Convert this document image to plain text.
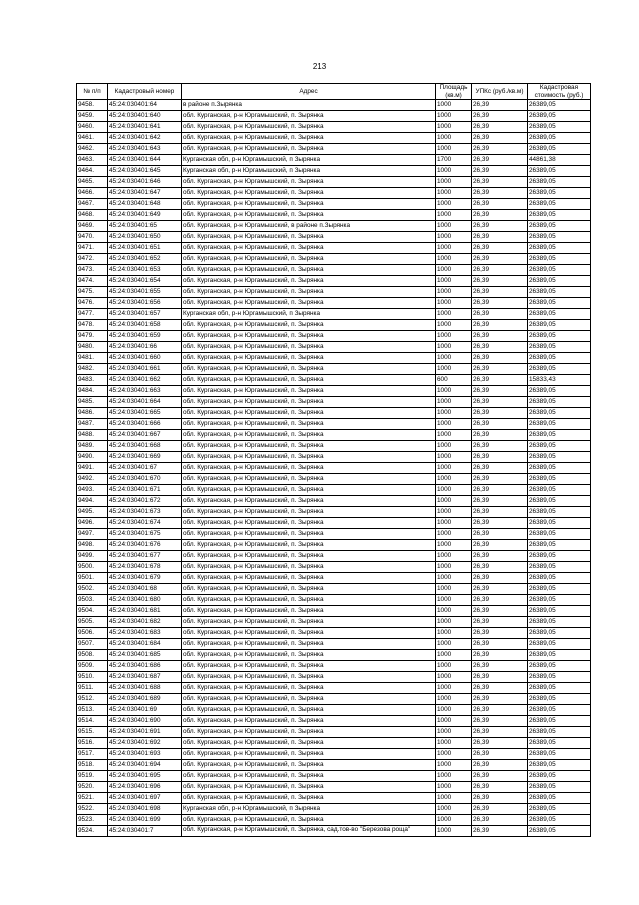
213
№ п/п	Кадастровый номер	Адрес	Площадь (кв.м)	УПКс (руб./кв.м)	Кадастровая стоимость (руб.)
9458.	45:24:030401:64	в районе п.Зырянка	1000	26,39	26389,05
9459.	45:24:030401:640	обл. Курганская, р-н Юргамышский, п. Зырянка	1000	26,39	26389,05
9460.	45:24:030401:641	обл. Курганская, р-н Юргамышский, п. Зырянка	1000	26,39	26389,05
9461.	45:24:030401:642	обл. Курганская, р-н Юргамышский, п. Зырянка	1000	26,39	26389,05
9462.	45:24:030401:643	обл. Курганская, р-н Юргамышский, п. Зырянка	1000	26,39	26389,05
9463.	45:24:030401:644	Курганская обл, р-н Юргамышский, п Зырянка	1700	26,39	44861,38
9464.	45:24:030401:645	Курганская обл, р-н Юргамышский, п Зырянка	1000	26,39	26389,05
9465.	45:24:030401:646	обл. Курганская, р-н Юргамышский, п. Зырянка	1000	26,39	26389,05
9466.	45:24:030401:647	обл. Курганская, р-н Юргамышский, п. Зырянка	1000	26,39	26389,05
9467.	45:24:030401:648	обл. Курганская, р-н Юргамышский, п. Зырянка	1000	26,39	26389,05
9468.	45:24:030401:649	обл. Курганская, р-н Юргамышский, п. Зырянка	1000	26,39	26389,05
9469.	45:24:030401:65	обл. Курганская, р-н Юргамышский, в районе п.Зырянка	1000	26,39	26389,05
9470.	45:24:030401:650	обл. Курганская, р-н Юргамышский, п. Зырянка	1000	26,39	26389,05
9471.	45:24:030401:651	обл. Курганская, р-н Юргамышский, п. Зырянка	1000	26,39	26389,05
9472.	45:24:030401:652	обл. Курганская, р-н Юргамышский, п. Зырянка	1000	26,39	26389,05
9473.	45:24:030401:653	обл. Курганская, р-н Юргамышский, п. Зырянка	1000	26,39	26389,05
9474.	45:24:030401:654	обл. Курганская, р-н Юргамышский, п. Зырянка	1000	26,39	26389,05
9475.	45:24:030401:655	обл. Курганская, р-н Юргамышский, п. Зырянка	1000	26,39	26389,05
9476.	45:24:030401:656	обл. Курганская, р-н Юргамышский, п. Зырянка	1000	26,39	26389,05
9477.	45:24:030401:657	Курганская обл, р-н Юргамышский, п Зырянка	1000	26,39	26389,05
9478.	45:24:030401:658	обл. Курганская, р-н Юргамышский, п. Зырянка	1000	26,39	26389,05
9479.	45:24:030401:659	обл. Курганская, р-н Юргамышский, п. Зырянка	1000	26,39	26389,05
9480.	45:24:030401:66	обл. Курганская, р-н Юргамышский, п. Зырянка	1000	26,39	26389,05
9481.	45:24:030401:660	обл. Курганская, р-н Юргамышский, п. Зырянка	1000	26,39	26389,05
9482.	45:24:030401:661	обл. Курганская, р-н Юргамышский, п. Зырянка	1000	26,39	26389,05
9483.	45:24:030401:662	обл. Курганская, р-н Юргамышский, п. Зырянка	600	26,39	15833,43
9484.	45:24:030401:663	обл. Курганская, р-н Юргамышский, п. Зырянка	1000	26,39	26389,05
9485.	45:24:030401:664	обл. Курганская, р-н Юргамышский, п. Зырянка	1000	26,39	26389,05
9486.	45:24:030401:665	обл. Курганская, р-н Юргамышский, п. Зырянка	1000	26,39	26389,05
9487.	45:24:030401:666	обл. Курганская, р-н Юргамышский, п. Зырянка	1000	26,39	26389,05
9488.	45:24:030401:667	обл. Курганская, р-н Юргамышский, п. Зырянка	1000	26,39	26389,05
9489.	45:24:030401:668	обл. Курганская, р-н Юргамышский, п. Зырянка	1000	26,39	26389,05
9490.	45:24:030401:669	обл. Курганская, р-н Юргамышский, п. Зырянка	1000	26,39	26389,05
9491.	45:24:030401:67	обл. Курганская, р-н Юргамышский, п. Зырянка	1000	26,39	26389,05
9492.	45:24:030401:670	обл. Курганская, р-н Юргамышский, п. Зырянка	1000	26,39	26389,05
9493.	45:24:030401:671	обл. Курганская, р-н Юргамышский, п. Зырянка	1000	26,39	26389,05
9494.	45:24:030401:672	обл. Курганская, р-н Юргамышский, п. Зырянка	1000	26,39	26389,05
9495.	45:24:030401:673	обл. Курганская, р-н Юргамышский, п. Зырянка	1000	26,39	26389,05
9496.	45:24:030401:674	обл. Курганская, р-н Юргамышский, п. Зырянка	1000	26,39	26389,05
9497.	45:24:030401:675	обл. Курганская, р-н Юргамышский, п. Зырянка	1000	26,39	26389,05
9498.	45:24:030401:676	обл. Курганская, р-н Юргамышский, п. Зырянка	1000	26,39	26389,05
9499.	45:24:030401:677	обл. Курганская, р-н Юргамышский, п. Зырянка	1000	26,39	26389,05
9500.	45:24:030401:678	обл. Курганская, р-н Юргамышский, п. Зырянка	1000	26,39	26389,05
9501.	45:24:030401:679	обл. Курганская, р-н Юргамышский, п. Зырянка	1000	26,39	26389,05
9502.	45:24:030401:68	обл. Курганская, р-н Юргамышский, п. Зырянка	1000	26,39	26389,05
9503.	45:24:030401:680	обл. Курганская, р-н Юргамышский, п. Зырянка	1000	26,39	26389,05
9504.	45:24:030401:681	обл. Курганская, р-н Юргамышский, п. Зырянка	1000	26,39	26389,05
9505.	45:24:030401:682	обл. Курганская, р-н Юргамышский, п. Зырянка	1000	26,39	26389,05
9506.	45:24:030401:683	обл. Курганская, р-н Юргамышский, п. Зырянка	1000	26,39	26389,05
9507.	45:24:030401:684	обл. Курганская, р-н Юргамышский, п. Зырянка	1000	26,39	26389,05
9508.	45:24:030401:685	обл. Курганская, р-н Юргамышский, п. Зырянка	1000	26,39	26389,05
9509.	45:24:030401:686	обл. Курганская, р-н Юргамышский, п. Зырянка	1000	26,39	26389,05
9510.	45:24:030401:687	обл. Курганская, р-н Юргамышский, п. Зырянка	1000	26,39	26389,05
9511.	45:24:030401:688	обл. Курганская, р-н Юргамышский, п. Зырянка	1000	26,39	26389,05
9512.	45:24:030401:689	обл. Курганская, р-н Юргамышский, п. Зырянка	1000	26,39	26389,05
9513.	45:24:030401:69	обл. Курганская, р-н Юргамышский, п. Зырянка	1000	26,39	26389,05
9514.	45:24:030401:690	обл. Курганская, р-н Юргамышский, п. Зырянка	1000	26,39	26389,05
9515.	45:24:030401:691	обл. Курганская, р-н Юргамышский, п. Зырянка	1000	26,39	26389,05
9516.	45:24:030401:692	обл. Курганская, р-н Юргамышский, п. Зырянка	1000	26,39	26389,05
9517.	45:24:030401:693	обл. Курганская, р-н Юргамышский, п. Зырянка	1000	26,39	26389,05
9518.	45:24:030401:694	обл. Курганская, р-н Юргамышский, п. Зырянка	1000	26,39	26389,05
9519.	45:24:030401:695	обл. Курганская, р-н Юргамышский, п. Зырянка	1000	26,39	26389,05
9520.	45:24:030401:696	обл. Курганская, р-н Юргамышский, п. Зырянка	1000	26,39	26389,05
9521.	45:24:030401:697	обл. Курганская, р-н Юргамышский, п. Зырянка	1000	26,39	26389,05
9522.	45:24:030401:698	Курганская обл, р-н Юргамышский, п Зырянка	1000	26,39	26389,05
9523.	45:24:030401:699	обл. Курганская, р-н Юргамышский, п. Зырянка	1000	26,39	26389,05
9524.	45:24:030401:7	обл. Курганская, р-н Юргамышский, п. Зырянка, сад.тов-во "Березова роща"	1000	26,39	26389,05
